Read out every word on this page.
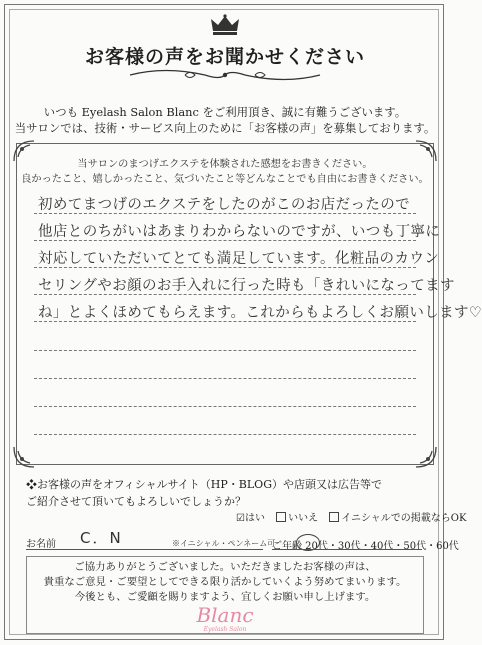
お客様の声をお聞かせください
いつも Eyelash Salon Blanc をご利用頂き、誠に有難うございます。
当サロンでは、技術・サービス向上のために「お客様の声」を募集しております。
当サロンのまつげエクステを体験された感想をお書きください。
良かったこと、嬉しかったこと、気づいたこと等どんなことでも自由にお書きください。
初めてまつげのエクステをしたのがこのお店だったので
他店とのちがいはあまりわからないのですが、いつも丁寧に
対応していただいてとても満足しています。化粧品のカウン
セリングやお顔のお手入れに行った時も「きれいになってます
ね」とよくほめてもらえます。これからもよろしくお願いします♡
❖お客様の声をオフィシャルサイト（HP・BLOG）や店頭又は広告等で
ご紹介させて頂いてもよろしいでしょうか？
☑はい いいえ イニシャルでの掲載ならOK
お名前 C．N	※イニシャル・ペンネーム可
ご年齢 20代・30代・40代・50代・60代
ご協力ありがとうございました。いただきましたお客様の声は、
貴重なご意見・ご要望としてできる限り活かしていくよう努めてまいります。
今後とも、ご愛顧を賜りますよう、宜しくお願い申し上げます。
Blanc
Eyelash Salon
